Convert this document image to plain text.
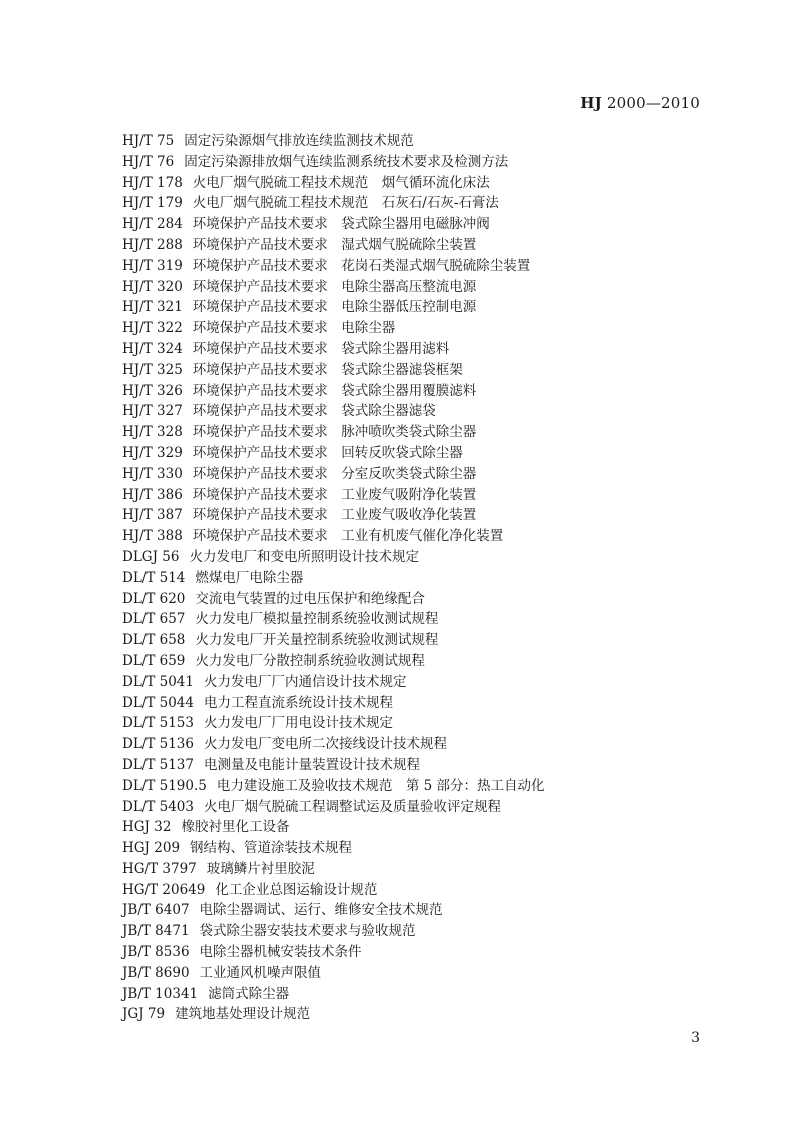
HJ 2000—2010
HJ/T 75 固定污染源烟气排放连续监测技术规范
HJ/T 76 固定污染源排放烟气连续监测系统技术要求及检测方法
HJ/T 178 火电厂烟气脱硫工程技术规范　烟气循环流化床法
HJ/T 179 火电厂烟气脱硫工程技术规范　石灰石/石灰-石膏法
HJ/T 284 环境保护产品技术要求　袋式除尘器用电磁脉冲阀
HJ/T 288 环境保护产品技术要求　湿式烟气脱硫除尘装置
HJ/T 319 环境保护产品技术要求　花岗石类湿式烟气脱硫除尘装置
HJ/T 320 环境保护产品技术要求　电除尘器高压整流电源
HJ/T 321 环境保护产品技术要求　电除尘器低压控制电源
HJ/T 322 环境保护产品技术要求　电除尘器
HJ/T 324 环境保护产品技术要求　袋式除尘器用滤料
HJ/T 325 环境保护产品技术要求　袋式除尘器滤袋框架
HJ/T 326 环境保护产品技术要求　袋式除尘器用覆膜滤料
HJ/T 327 环境保护产品技术要求　袋式除尘器滤袋
HJ/T 328 环境保护产品技术要求　脉冲喷吹类袋式除尘器
HJ/T 329 环境保护产品技术要求　回转反吹袋式除尘器
HJ/T 330 环境保护产品技术要求　分室反吹类袋式除尘器
HJ/T 386 环境保护产品技术要求　工业废气吸附净化装置
HJ/T 387 环境保护产品技术要求　工业废气吸收净化装置
HJ/T 388 环境保护产品技术要求　工业有机废气催化净化装置
DLGJ 56 火力发电厂和变电所照明设计技术规定
DL/T 514 燃煤电厂电除尘器
DL/T 620 交流电气装置的过电压保护和绝缘配合
DL/T 657 火力发电厂模拟量控制系统验收测试规程
DL/T 658 火力发电厂开关量控制系统验收测试规程
DL/T 659 火力发电厂分散控制系统验收测试规程
DL/T 5041 火力发电厂厂内通信设计技术规定
DL/T 5044 电力工程直流系统设计技术规程
DL/T 5153 火力发电厂厂用电设计技术规定
DL/T 5136 火力发电厂变电所二次接线设计技术规程
DL/T 5137 电测量及电能计量装置设计技术规程
DL/T 5190.5 电力建设施工及验收技术规范　第 5 部分：热工自动化
DL/T 5403 火电厂烟气脱硫工程调整试运及质量验收评定规程
HGJ 32 橡胶衬里化工设备
HGJ 209 钢结构、管道涂装技术规程
HG/T 3797 玻璃鳞片衬里胶泥
HG/T 20649 化工企业总图运输设计规范
JB/T 6407 电除尘器调试、运行、维修安全技术规范
JB/T 8471 袋式除尘器安装技术要求与验收规范
JB/T 8536 电除尘器机械安装技术条件
JB/T 8690 工业通风机噪声限值
JB/T 10341 滤筒式除尘器
JGJ 79 建筑地基处理设计规范
3
